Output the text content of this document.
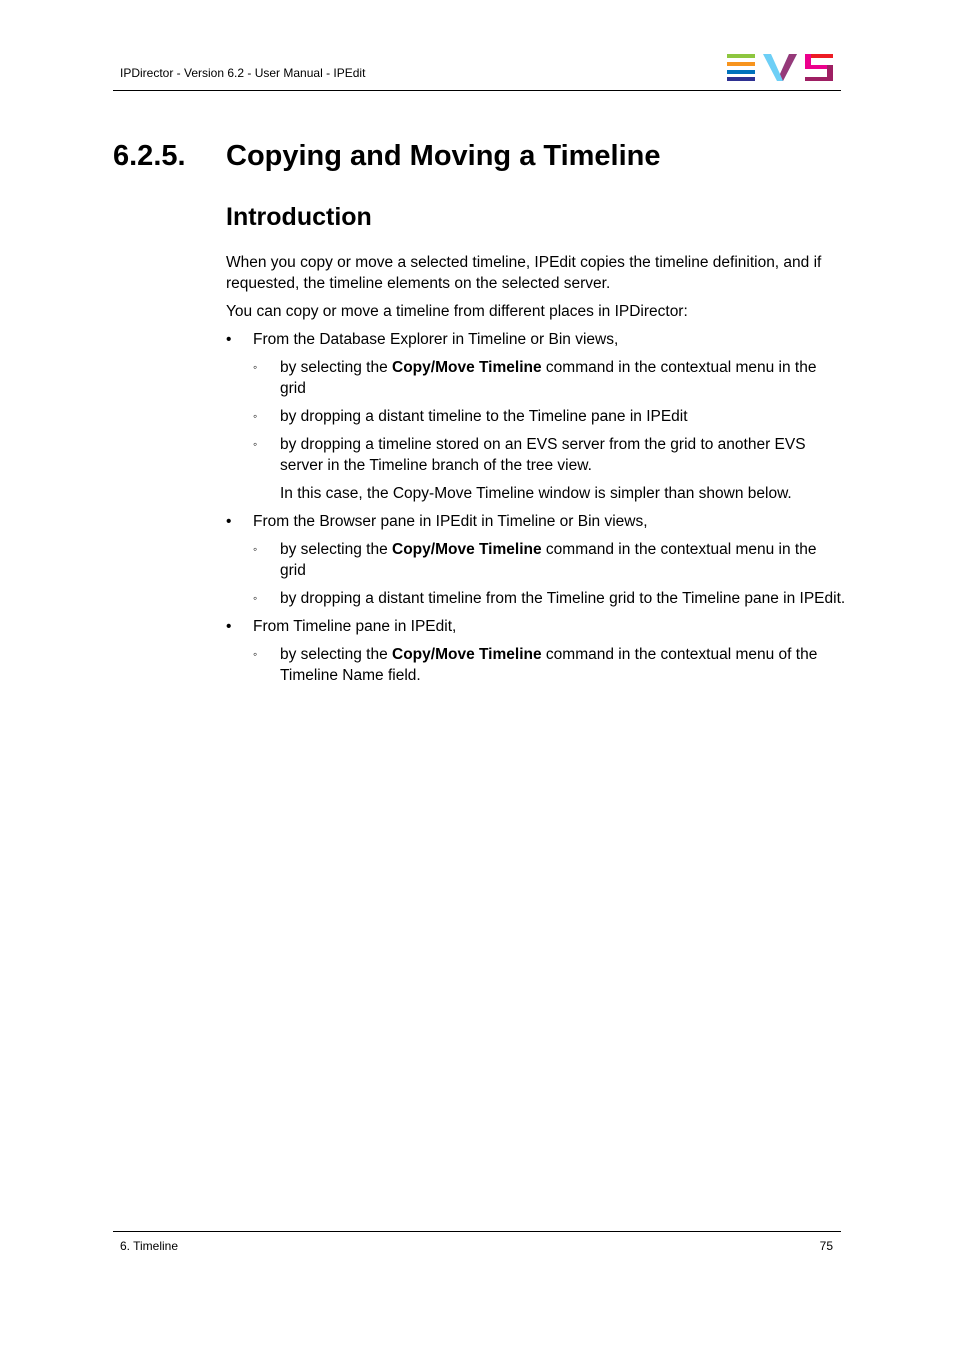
IPDirector - Version 6.2 - User Manual - IPEdit
6.2.5. Copying and Moving a Timeline
Introduction

When you copy or move a selected timeline, IPEdit copies the timeline definition, and if requested, the timeline elements on the selected server.

You can copy or move a timeline from different places in IPDirector:

• From the Database Explorer in Timeline or Bin views,
◦ by selecting the Copy/Move Timeline command in the contextual menu in the grid
◦ by dropping a distant timeline to the Timeline pane in IPEdit
◦ by dropping a timeline stored on an EVS server from the grid to another EVS server in the Timeline branch of the tree view.
In this case, the Copy-Move Timeline window is simpler than shown below.
• From the Browser pane in IPEdit in Timeline or Bin views,
◦ by selecting the Copy/Move Timeline command in the contextual menu in the grid
◦ by dropping a distant timeline from the Timeline grid to the Timeline pane in IPEdit.
• From Timeline pane in IPEdit,
◦ by selecting the Copy/Move Timeline command in the contextual menu of the Timeline Name field.
6. Timeline	75
